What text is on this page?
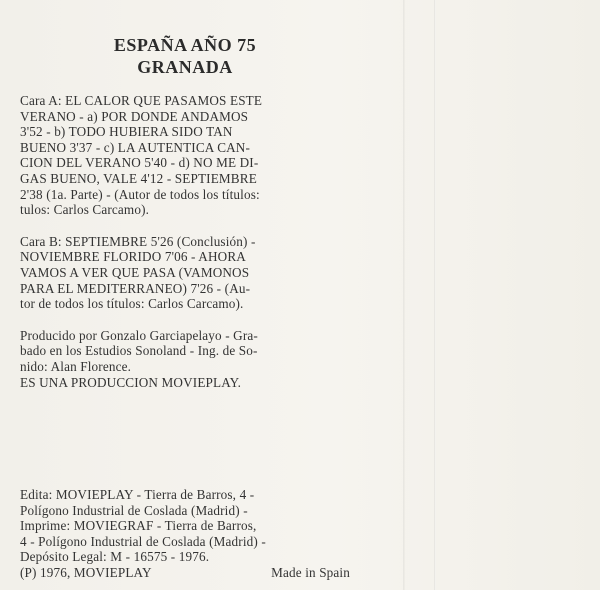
ESPAÑA AÑO 75
GRANADA
Cara A: EL CALOR QUE PASAMOS ESTE
VERANO - a) POR DONDE ANDAMOS
3'52 - b) TODO HUBIERA SIDO TAN
BUENO 3'37 - c) LA AUTENTICA CAN-
CION DEL VERANO 5'40 - d) NO ME DI-
GAS BUENO, VALE 4'12 - SEPTIEMBRE
2'38 (1a. Parte) - (Autor de todos los títulos:
tulos: Carlos Carcamo).
Cara B: SEPTIEMBRE 5'26 (Conclusión) -
NOVIEMBRE FLORIDO 7'06 - AHORA
VAMOS A VER QUE PASA (VAMONOS
PARA EL MEDITERRANEO) 7'26 - (Au-
tor de todos los títulos: Carlos Carcamo).
Producido por Gonzalo Garciapelayo - Gra-
bado en los Estudios Sonoland - Ing. de So-
nido: Alan Florence.
ES UNA PRODUCCION MOVIEPLAY.
Edita: MOVIEPLAY - Tierra de Barros, 4 -
Polígono Industrial de Coslada (Madrid) -
Imprime: MOVIEGRAF - Tierra de Barros,
4 - Polígono Industrial de Coslada (Madrid) -
Depósito Legal: M - 16575 - 1976.
(P) 1976, MOVIEPLAY	Made in Spain
